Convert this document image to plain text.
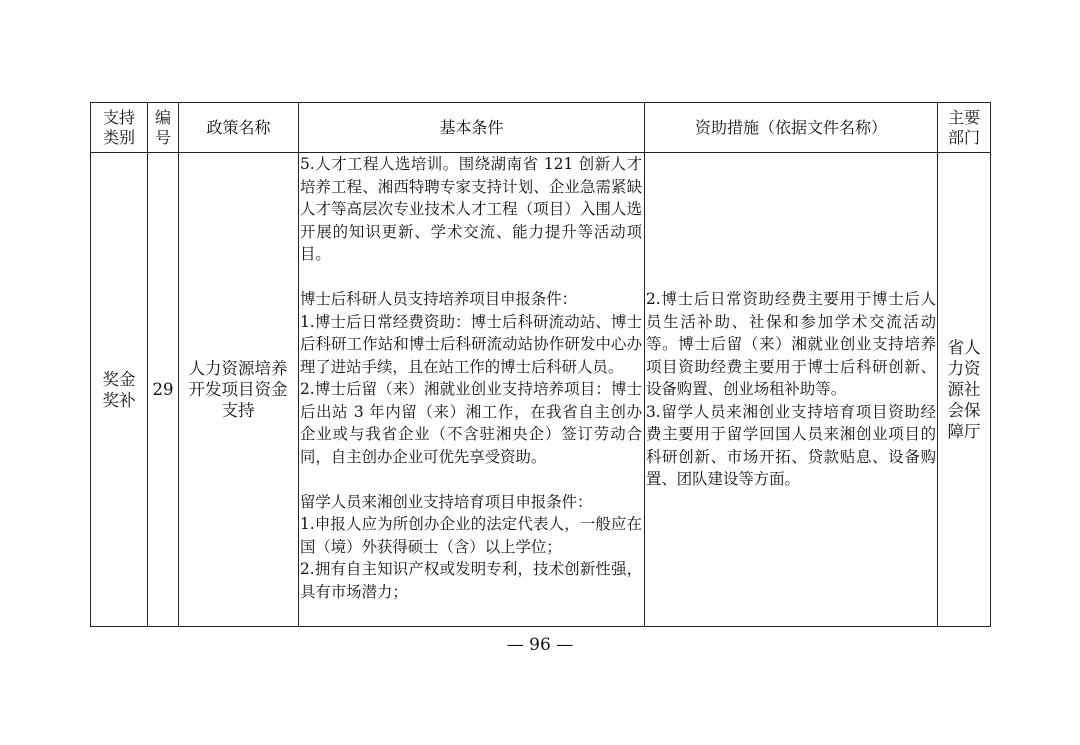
支持类别
编号
政策名称	基本条件	资助措施（依据文件名称）
主要部门
奖金奖补
29
人力资源培养开发项目资金支持

5.人才工程人选培训。围绕湖南省 121 创新人才培养工程、湘西特聘专家支持计划、企业急需紧缺人才等高层次专业技术人才工程（项目）入围人选开展的知识更新、学术交流、能力提升等活动项目。

博士后科研人员支持培养项目申报条件：

1.博士后日常经费资助：博士后科研流动站、博士后科研工作站和博士后科研流动站协作研发中心办理了进站手续，且在站工作的博士后科研人员。

2.博士后留（来）湘就业创业支持培养项目：博士后出站 3 年内留（来）湘工作，在我省自主创办企业或与我省企业（不含驻湘央企）签订劳动合同，自主创办企业可优先享受资助。

留学人员来湘创业支持培育项目申报条件：

1.申报人应为所创办企业的法定代表人，一般应在国（境）外获得硕士（含）以上学位；

2.拥有自主知识产权或发明专利，技术创新性强，具有市场潜力；

2.博士后日常资助经费主要用于博士后人员生活补助、社保和参加学术交流活动等。博士后留（来）湘就业创业支持培养项目资助经费主要用于博士后科研创新、设备购置、创业场租补助等。

3.留学人员来湘创业支持培育项目资助经费主要用于留学回国人员来湘创业项目的科研创新、市场开拓、贷款贴息、设备购置、团队建设等方面。

省人力资源社会保障厅
— 96 —
